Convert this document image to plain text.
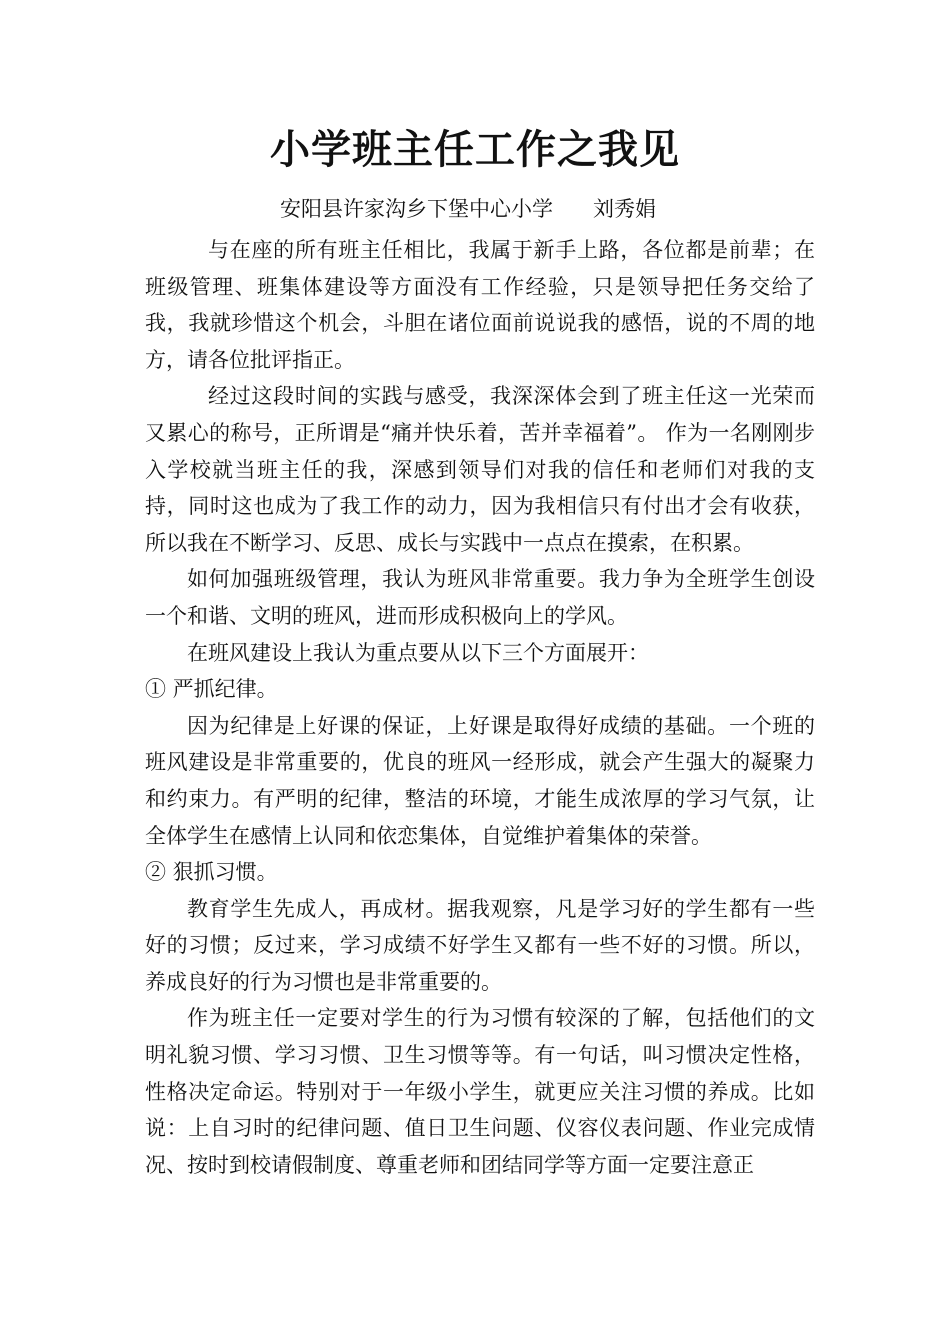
小学班主任工作之我见
安阳县许家沟乡下堡中心小学      刘秀娟

与在座的所有班主任相比，我属于新手上路，各位都是前辈；在班级管理、班集体建设等方面没有工作经验，只是领导把任务交给了我，我就珍惜这个机会，斗胆在诸位面前说说我的感悟，说的不周的地方，请各位批评指正。

经过这段时间的实践与感受，我深深体会到了班主任这一光荣而又累心的称号，正所谓是“痛并快乐着，苦并幸福着”。 作为一名刚刚步入学校就当班主任的我，深感到领导们对我的信任和老师们对我的支持，同时这也成为了我工作的动力，因为我相信只有付出才会有收获，所以我在不断学习、反思、成长与实践中一点点在摸索，在积累。

如何加强班级管理，我认为班风非常重要。我力争为全班学生创设一个和谐、文明的班风，进而形成积极向上的学风。

在班风建设上我认为重点要从以下三个方面展开：

① 严抓纪律。

因为纪律是上好课的保证，上好课是取得好成绩的基础。一个班的班风建设是非常重要的，优良的班风一经形成，就会产生强大的凝聚力和约束力。有严明的纪律，整洁的环境，才能生成浓厚的学习气氛，让全体学生在感情上认同和依恋集体，自觉维护着集体的荣誉。

② 狠抓习惯。

教育学生先成人，再成材。据我观察，凡是学习好的学生都有一些好的习惯；反过来，学习成绩不好学生又都有一些不好的习惯。所以，养成良好的行为习惯也是非常重要的。

作为班主任一定要对学生的行为习惯有较深的了解，包括他们的文明礼貌习惯、学习习惯、卫生习惯等等。有一句话，叫习惯决定性格，性格决定命运。特别对于一年级小学生，就更应关注习惯的养成。比如说：上自习时的纪律问题、值日卫生问题、仪容仪表问题、作业完成情况、按时到校请假制度、尊重老师和团结同学等方面一定要注意正
